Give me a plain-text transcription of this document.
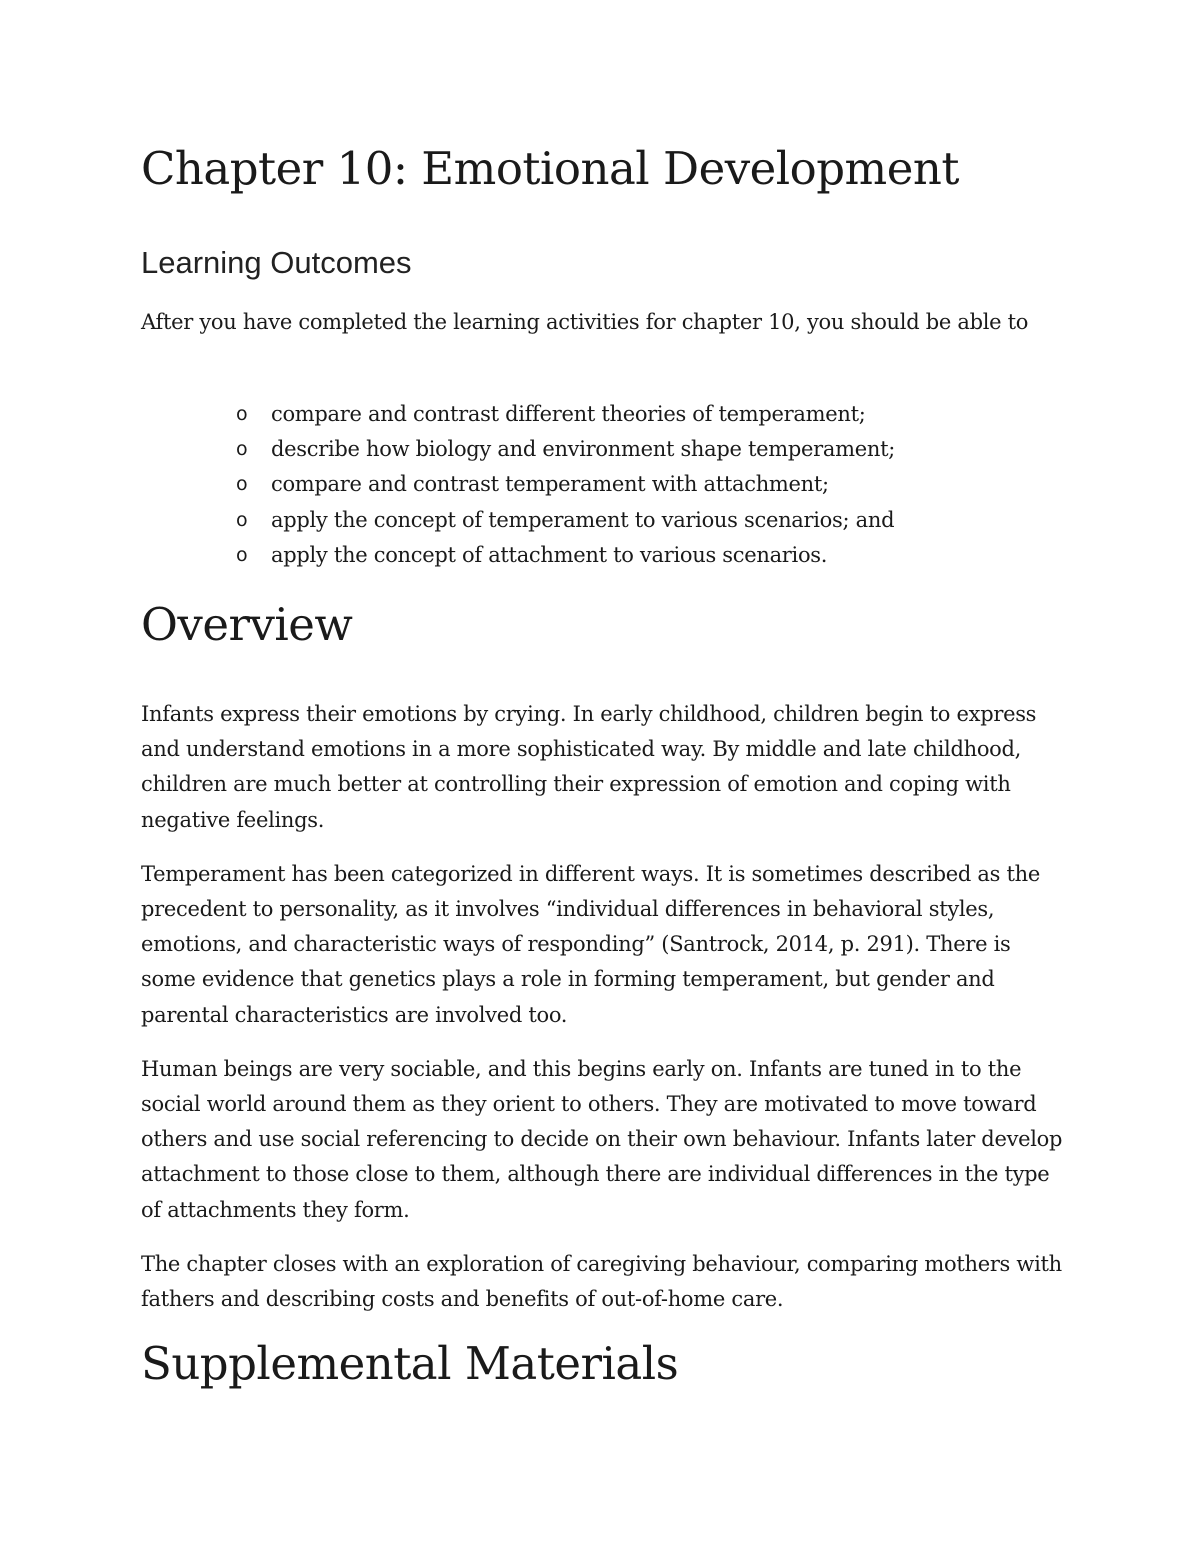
Chapter 10: Emotional Development
Learning Outcomes

After you have completed the learning activities for chapter 10, you should be able to

o compare and contrast different theories of temperament;
o describe how biology and environment shape temperament;
o compare and contrast temperament with attachment;
o apply the concept of temperament to various scenarios; and
o apply the concept of attachment to various scenarios.
Overview

Infants express their emotions by crying. In early childhood, children begin to express and understand emotions in a more sophisticated way. By middle and late childhood, children are much better at controlling their expression of emotion and coping with negative feelings.

Temperament has been categorized in different ways. It is sometimes described as the precedent to personality, as it involves “individual differences in behavioral styles, emotions, and characteristic ways of responding” (Santrock, 2014, p. 291). There is some evidence that genetics plays a role in forming temperament, but gender and parental characteristics are involved too.

Human beings are very sociable, and this begins early on. Infants are tuned in to the social world around them as they orient to others. They are motivated to move toward others and use social referencing to decide on their own behaviour. Infants later develop attachment to those close to them, although there are individual differences in the type of attachments they form.

The chapter closes with an exploration of caregiving behaviour, comparing mothers with fathers and describing costs and benefits of out-of-home care.

Supplemental Materials
